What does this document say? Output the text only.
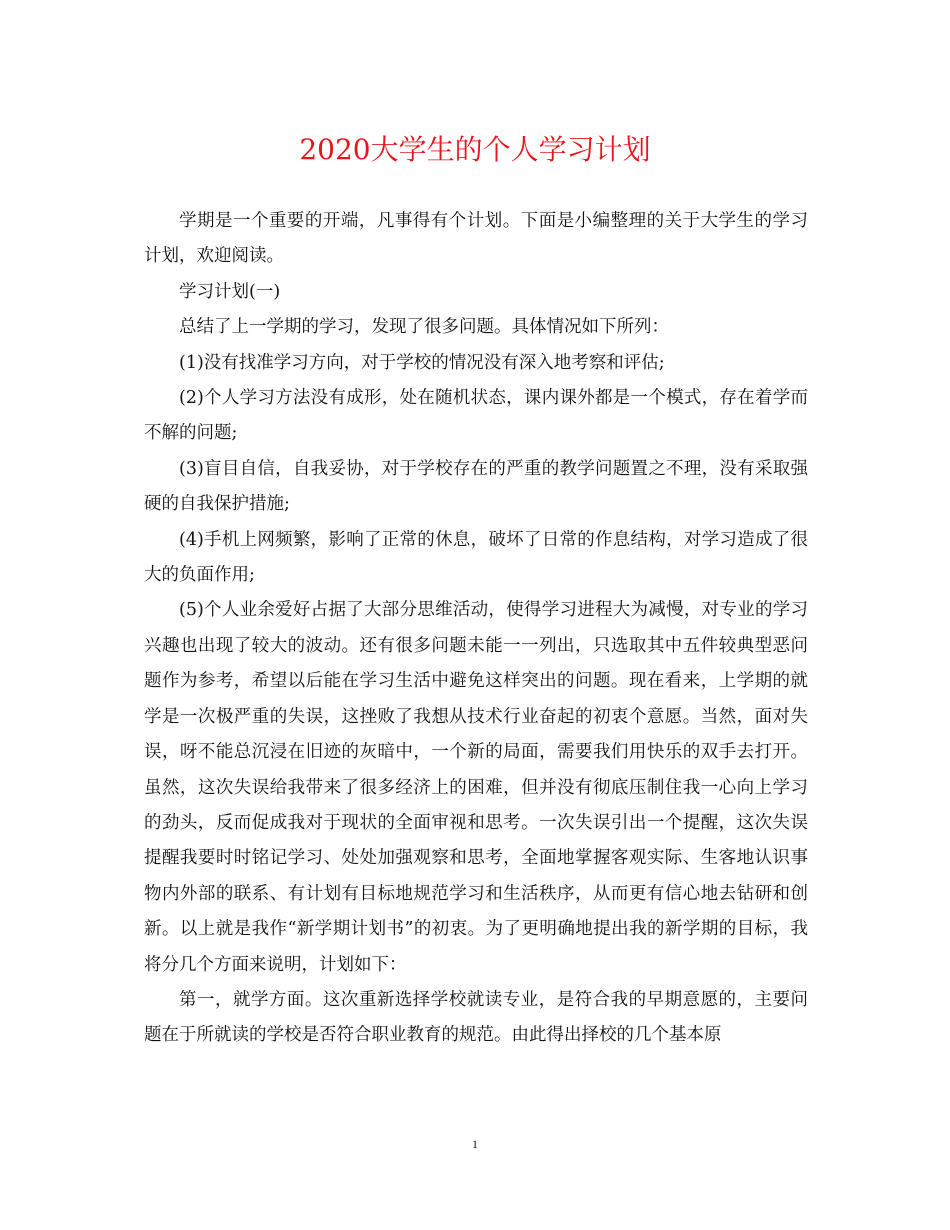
2020大学生的个人学习计划

学期是一个重要的开端，凡事得有个计划。下面是小编整理的关于大学生的学习计划，欢迎阅读。

学习计划(一)

总结了上一学期的学习，发现了很多问题。具体情况如下所列：

(1)没有找准学习方向，对于学校的情况没有深入地考察和评估;

(2)个人学习方法没有成形，处在随机状态，课内课外都是一个模式，存在着学而不解的问题;

(3)盲目自信，自我妥协，对于学校存在的严重的教学问题置之不理，没有采取强硬的自我保护措施;

(4)手机上网频繁，影响了正常的休息，破坏了日常的作息结构，对学习造成了很大的负面作用;

(5)个人业余爱好占据了大部分思维活动，使得学习进程大为减慢，对专业的学习兴趣也出现了较大的波动。还有很多问题未能一一列出，只选取其中五件较典型恶问题作为参考，希望以后能在学习生活中避免这样突出的问题。现在看来，上学期的就学是一次极严重的失误，这挫败了我想从技术行业奋起的初衷个意愿。当然，面对失误，呀不能总沉浸在旧迹的灰暗中，一个新的局面，需要我们用快乐的双手去打开。虽然，这次失误给我带来了很多经济上的困难，但并没有彻底压制住我一心向上学习的劲头，反而促成我对于现状的全面审视和思考。一次失误引出一个提醒，这次失误提醒我要时时铭记学习、处处加强观察和思考，全面地掌握客观实际、生客地认识事物内外部的联系、有计划有目标地规范学习和生活秩序，从而更有信心地去钻研和创新。以上就是我作“新学期计划书”的初衷。为了更明确地提出我的新学期的目标，我将分几个方面来说明，计划如下：

第一，就学方面。这次重新选择学校就读专业，是符合我的早期意愿的，主要问题在于所就读的学校是否符合职业教育的规范。由此得出择校的几个基本原

1
